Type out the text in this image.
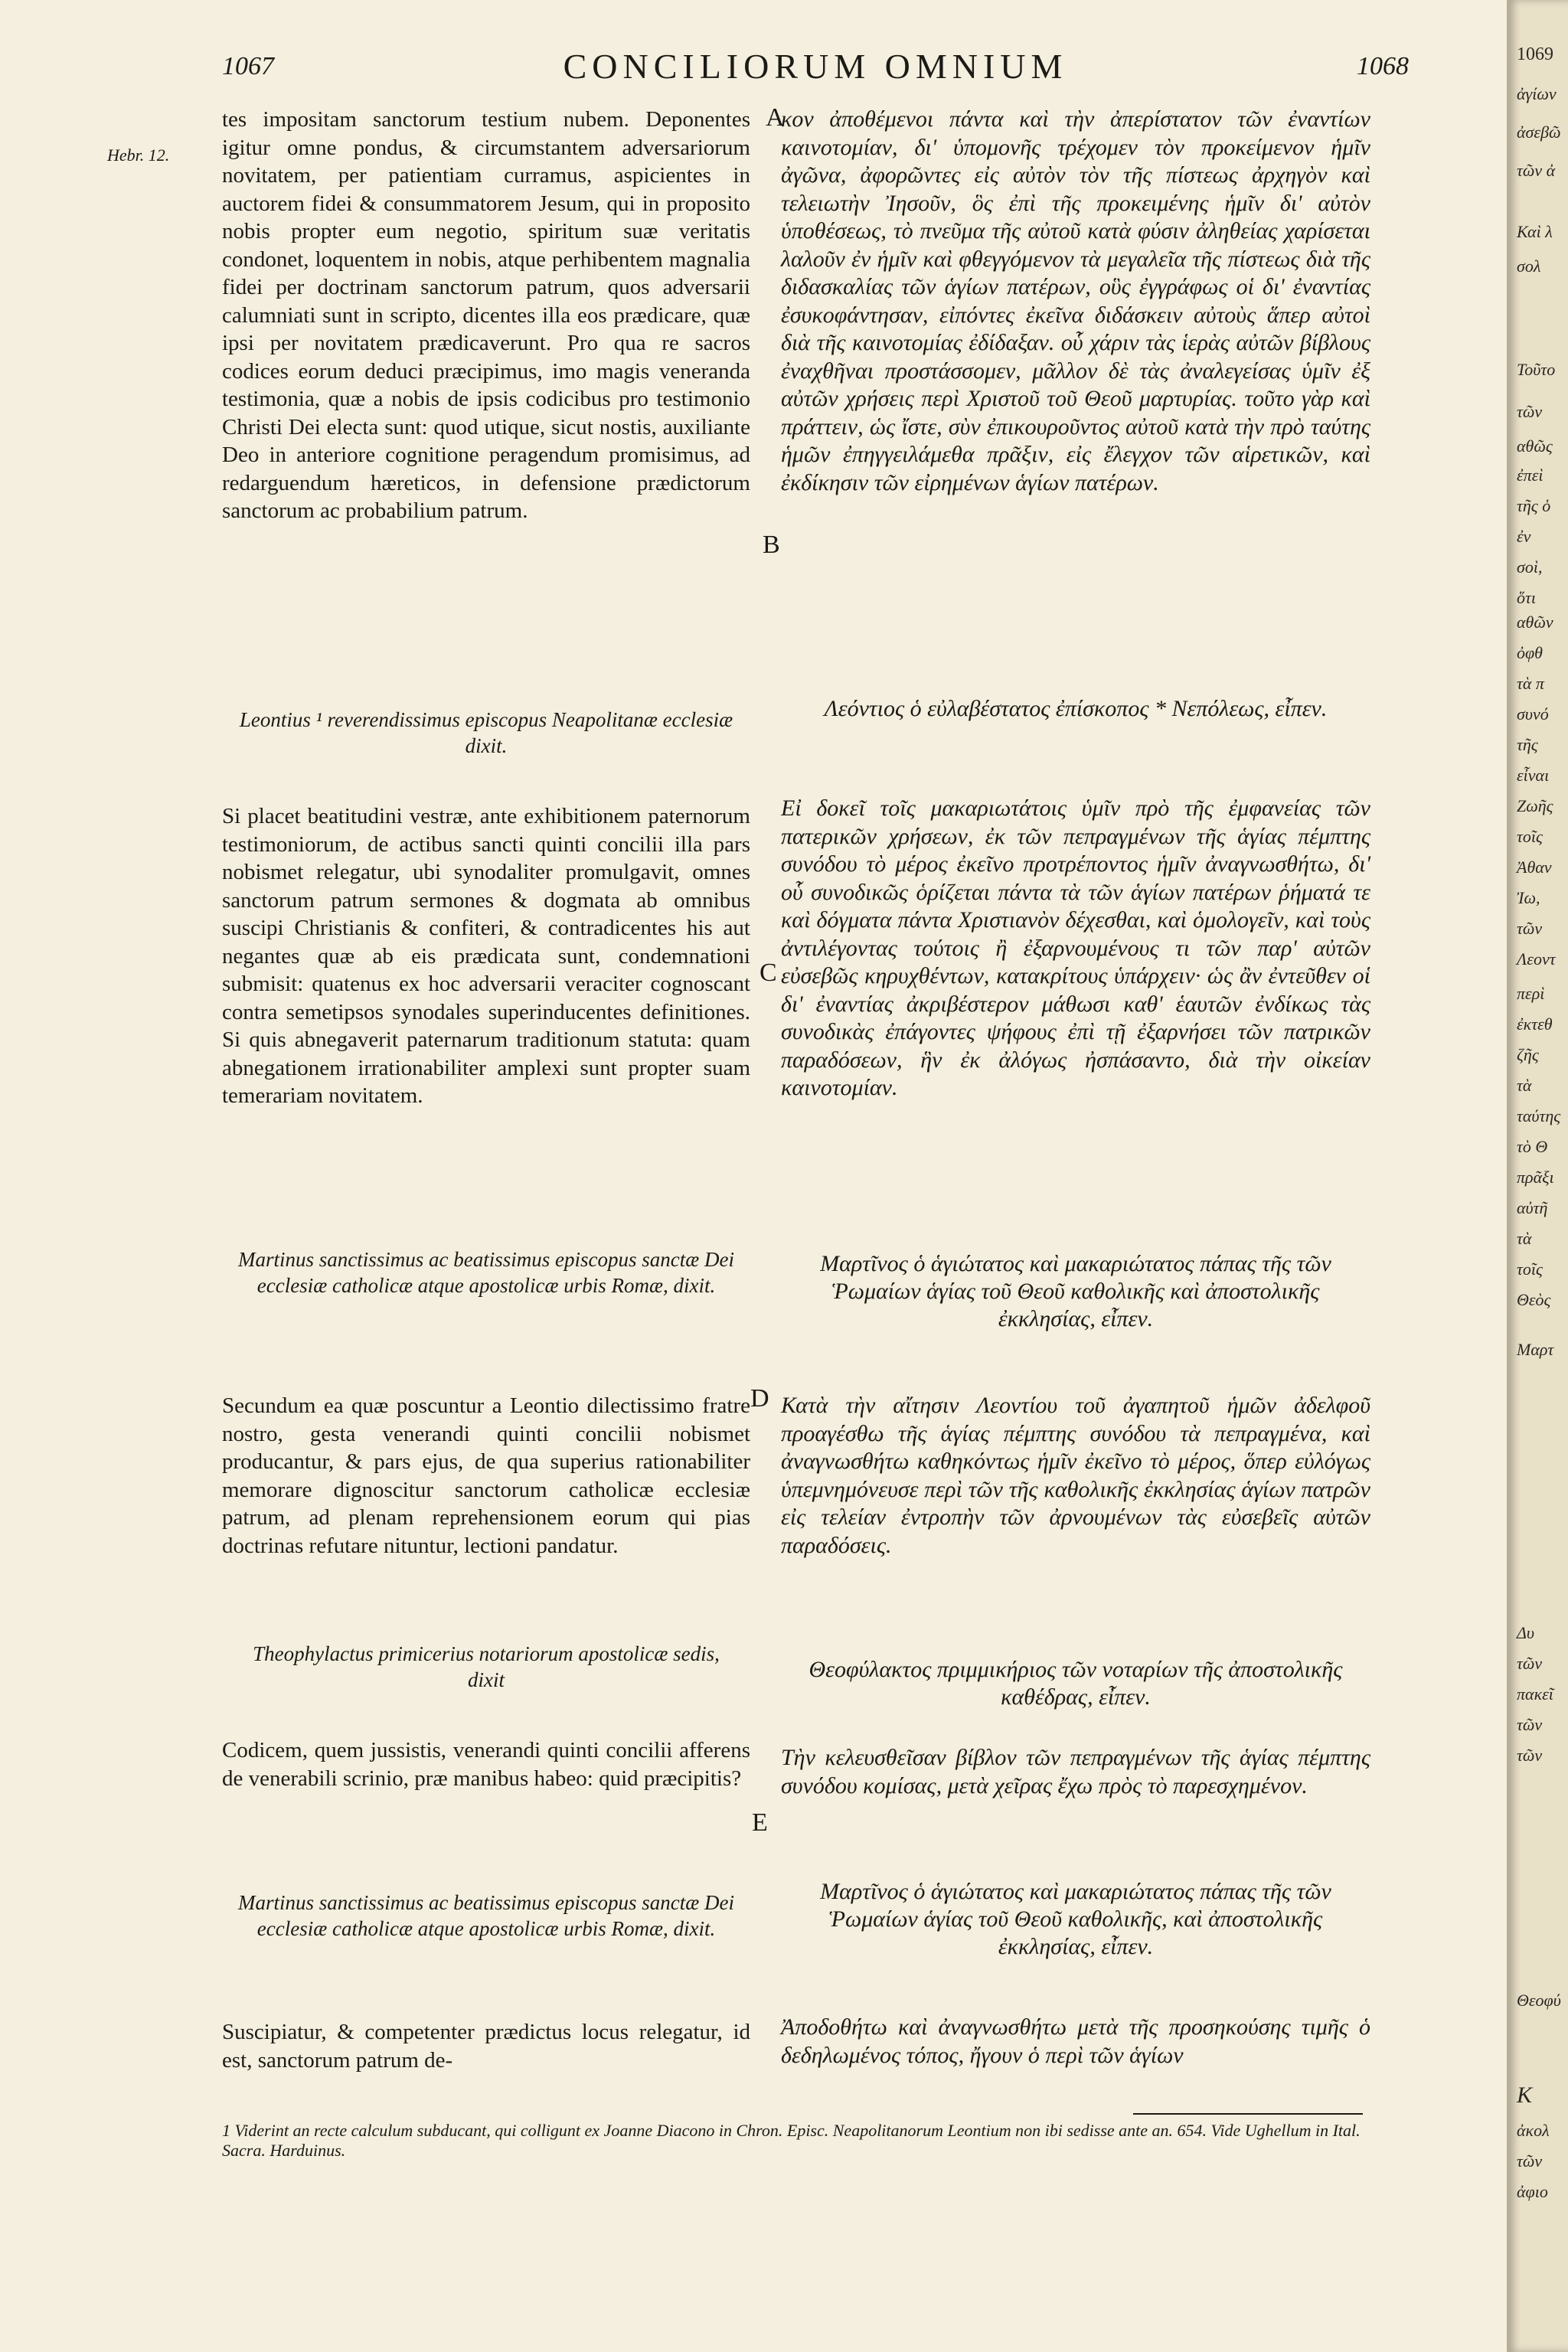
1067	CONCILIORUM OMNIUM	1068
Hebr. 12.
A
B
C
D
E

tes impositam sanctorum testium nubem. Deponentes igitur omne pondus, & circumstantem adversariorum novitatem, per patientiam curramus, aspicientes in auctorem fidei & consummatorem Jesum, qui in proposito nobis propter eum negotio, spiritum suæ veritatis condonet, loquentem in nobis, atque perhibentem magnalia fidei per doctrinam sanctorum patrum, quos adversarii calumniati sunt in scripto, dicentes illa eos prædicare, quæ ipsi per novitatem prædicaverunt. Pro qua re sacros codices eorum deduci præcipimus, imo magis veneranda testimonia, quæ a nobis de ipsis codicibus pro testimonio Christi Dei electa sunt: quod utique, sicut nostis, auxiliante Deo in anteriore cognitione peragendum promisimus, ad redarguendum hæreticos, in defensione prædictorum sanctorum ac probabilium patrum.

Leontius ¹ reverendissimus episcopus Neapolitanæ ecclesiæ dixit.

Si placet beatitudini vestræ, ante exhibitionem paternorum testimoniorum, de actibus sancti quinti concilii illa pars nobismet relegatur, ubi synodaliter promulgavit, omnes sanctorum patrum sermones & dogmata ab omnibus suscipi Christianis & confiteri, & contradicentes his aut negantes quæ ab eis prædicata sunt, condemnationi submisit: quatenus ex hoc adversarii veraciter cognoscant contra semetipsos synodales superinducentes definitiones. Si quis abnegaverit paternarum traditionum statuta: quam abnegationem irrationabiliter amplexi sunt propter suam temerariam novitatem.

Martinus sanctissimus ac beatissimus episcopus sanctæ Dei ecclesiæ catholicæ atque apostolicæ urbis Romæ, dixit.

Secundum ea quæ poscuntur a Leontio dilectissimo fratre nostro, gesta venerandi quinti concilii nobismet producantur, & pars ejus, de qua superius rationabiliter memorare dignoscitur sanctorum catholicæ ecclesiæ patrum, ad plenam reprehensionem eorum qui pias doctrinas refutare nituntur, lectioni pandatur.

Theophylactus primicerius notariorum apostolicæ sedis, dixit

Codicem, quem jussistis, venerandi quinti concilii afferens de venerabili scrinio, præ manibus habeo: quid præcipitis?

Martinus sanctissimus ac beatissimus episcopus sanctæ Dei ecclesiæ catholicæ atque apostolicæ urbis Romæ, dixit.

Suscipiatur, & competenter prædictus locus relegatur, id est, sanctorum patrum de-

κον ἀποθέμενοι πάντα καὶ τὴν ἀπερίστατον τῶν ἐναντίων καινοτομίαν, δι' ὑπομονῆς τρέχομεν τὸν προκείμενον ἡμῖν ἀγῶνα, ἀφορῶντες εἰς αὐτὸν τὸν τῆς πίστεως ἀρχηγὸν καὶ τελειωτὴν Ἰησοῦν, ὃς ἐπὶ τῆς προκειμένης ἡμῖν δι' αὐτὸν ὑποθέσεως, τὸ πνεῦμα τῆς αὐτοῦ κατὰ φύσιν ἀληθείας χαρίσεται λαλοῦν ἐν ἡμῖν καὶ φθεγγόμενον τὰ μεγαλεῖα τῆς πίστεως διὰ τῆς διδασκαλίας τῶν ἁγίων πατέρων, οὓς ἐγγράφως οἱ δι' ἐναντίας ἐσυκοφάντησαν, εἰπόντες ἐκεῖνα διδάσκειν αὐτοὺς ἅπερ αὐτοὶ διὰ τῆς καινοτομίας ἐδίδαξαν. οὗ χάριν τὰς ἱερὰς αὐτῶν βίβλους ἐναχθῆναι προστάσσομεν, μᾶλλον δὲ τὰς ἀναλεγείσας ὑμῖν ἐξ αὐτῶν χρήσεις περὶ Χριστοῦ τοῦ Θεοῦ μαρτυρίας. τοῦτο γὰρ καὶ πράττειν, ὡς ἴστε, σὺν ἐπικουροῦντος αὐτοῦ κατὰ τὴν πρὸ ταύτης ἡμῶν ἐπηγγειλάμεθα πρᾶξιν, εἰς ἔλεγχον τῶν αἱρετικῶν, καὶ ἐκδίκησιν τῶν εἰρημένων ἁγίων πατέρων.

Λεόντιος ὁ εὐλαβέστατος ἐπίσκοπος * Νεπόλεως, εἶπεν.

Εἰ δοκεῖ τοῖς μακαριωτάτοις ὑμῖν πρὸ τῆς ἐμφανείας τῶν πατερικῶν χρήσεων, ἐκ τῶν πεπραγμένων τῆς ἁγίας πέμπτης συνόδου τὸ μέρος ἐκεῖνο προτρέποντος ἡμῖν ἀναγνωσθήτω, δι' οὗ συνοδικῶς ὁρίζεται πάντα τὰ τῶν ἁγίων πατέρων ῥήματά τε καὶ δόγματα πάντα Χριστιανὸν δέχεσθαι, καὶ ὁμολογεῖν, καὶ τοὺς ἀντιλέγοντας τούτοις ἢ ἐξαρνουμένους τι τῶν παρ' αὐτῶν εὐσεβῶς κηρυχθέντων, κατακρίτους ὑπάρχειν· ὡς ἂν ἐντεῦθεν οἱ δι' ἐναντίας ἀκριβέστερον μάθωσι καθ' ἑαυτῶν ἐνδίκως τὰς συνοδικὰς ἐπάγοντες ψήφους ἐπὶ τῇ ἐξαρνήσει τῶν πατρικῶν παραδόσεων, ἣν ἐκ ἀλόγως ἠσπάσαντο, διὰ τὴν οἰκείαν καινοτομίαν.

Μαρτῖνος ὁ ἁγιώτατος καὶ μακαριώτατος πάπας τῆς τῶν Ῥωμαίων ἁγίας τοῦ Θεοῦ καθολικῆς καὶ ἀποστολικῆς ἐκκλησίας, εἶπεν.

Κατὰ τὴν αἴτησιν Λεοντίου τοῦ ἀγαπητοῦ ἡμῶν ἀδελφοῦ προαγέσθω τῆς ἁγίας πέμπτης συνόδου τὰ πεπραγμένα, καὶ ἀναγνωσθήτω καθηκόντως ἡμῖν ἐκεῖνο τὸ μέρος, ὅπερ εὐλόγως ὑπεμνημόνευσε περὶ τῶν τῆς καθολικῆς ἐκκλησίας ἁγίων πατρῶν εἰς τελείαν ἐντροπὴν τῶν ἀρνουμένων τὰς εὐσεβεῖς αὐτῶν παραδόσεις.

Θεοφύλακτος πριμμικήριος τῶν νοταρίων τῆς ἀποστολικῆς καθέδρας, εἶπεν.

Τὴν κελευσθεῖσαν βίβλον τῶν πεπραγμένων τῆς ἁγίας πέμπτης συνόδου κομίσας, μετὰ χεῖρας ἔχω πρὸς τὸ παρεσχημένον.

Μαρτῖνος ὁ ἁγιώτατος καὶ μακαριώτατος πάπας τῆς τῶν Ῥωμαίων ἁγίας τοῦ Θεοῦ καθολικῆς, καὶ ἀποστολικῆς ἐκκλησίας, εἶπεν.

Ἀποδοθήτω καὶ ἀναγνωσθήτω μετὰ τῆς προσηκούσης τιμῆς ὁ δεδηλωμένος τόπος, ἤγουν ὁ περὶ τῶν ἁγίων

1 Viderint an recte calculum subducant, qui colligunt ex Joanne Diacono in Chron. Episc. Neapolitanorum Leontium non ibi sedisse ante an. 654. Vide Ughellum in Ital. Sacra. Harduinus.
1069
ἀγίων
ἀσεβῶ
τῶν ἀ
Καὶ λ
σολ
Τοῦτο
τῶν
αθῶς
ἐπεὶ
τῆς ὁ
ἐν
σοὶ,
ὅτι
αθῶν
ὀφθ
τὰ π
συνό
τῆς
εἶναι
Ζωῆς
τοῖς
Ἀθαν
Ἰω,
τῶν
Λεοντ
περὶ
ἐκτεθ
ζῆς
τὰ
ταύτης
τὸ Θ
πρᾶξι
αὐτῆ
τὰ
τοῖς
Θεὸς
Μαρτ
Δυ
τῶν
πακεῖ
τῶν
τῶν
Θεοφύ
Κ
ἀκολ
τῶν
ἀφιο
